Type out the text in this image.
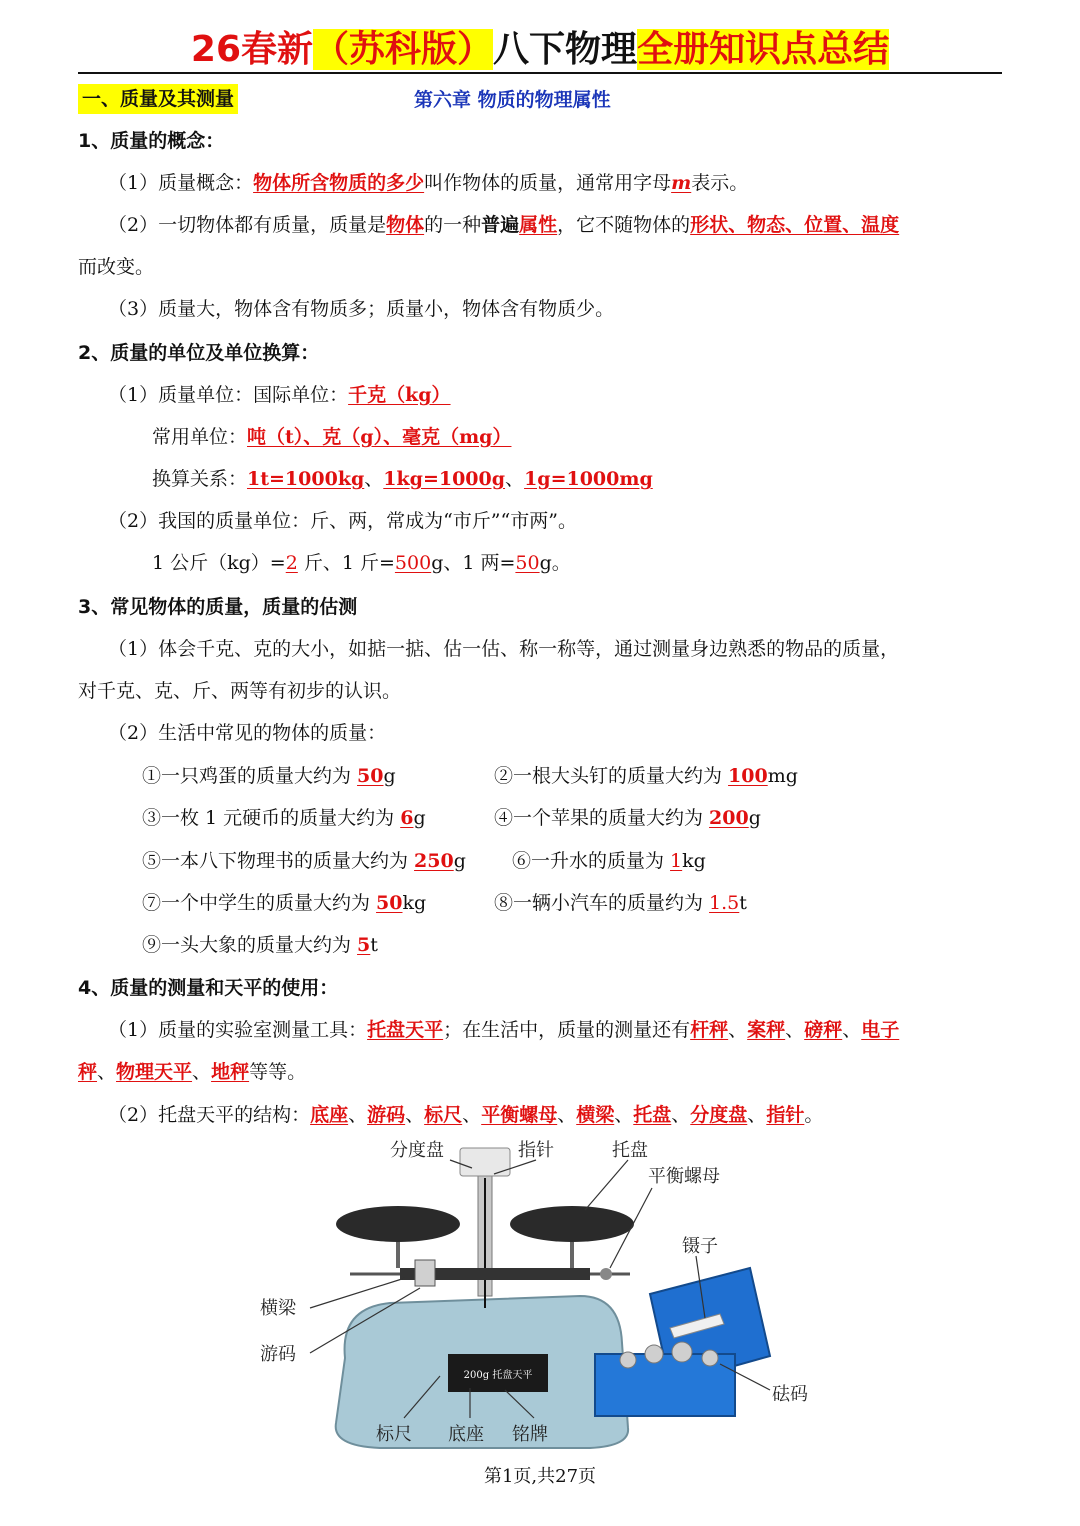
26春新（苏科版）八下物理全册知识点总结
一、质量及其测量	第六章 物质的物理属性
1、质量的概念：
（1）质量概念：物体所含物质的多少叫作物体的质量，通常用字母m表示。
（2）一切物体都有质量，质量是物体的一种普遍属性，它不随物体的形状、物态、位置、温度
而改变。
（3）质量大，物体含有物质多；质量小，物体含有物质少。
2、质量的单位及单位换算：
（1）质量单位：国际单位：千克（kg）
常用单位：吨（t）、克（g）、毫克（mg）
换算关系：1t=1000kg、1kg=1000g、1g=1000mg
（2）我国的质量单位：斤、两，常成为“市斤”“市两”。
1 公斤（kg）=2 斤、1 斤=500g、1 两=50g。
3、常见物体的质量，质量的估测
（1）体会千克、克的大小，如掂一掂、估一估、称一称等，通过测量身边熟悉的物品的质量，
对千克、克、斤、两等有初步的认识。
（2）生活中常见的物体的质量：
①一只鸡蛋的质量大约为 50g	②一根大头钉的质量大约为 100mg
③一枚 1 元硬币的质量大约为 6g	④一个苹果的质量大约为 200g
⑤一本八下物理书的质量大约为 250g ⑥一升水的质量为 1kg
⑦一个中学生的质量大约为 50kg	⑧一辆小汽车的质量约为 1.5t
⑨一头大象的质量大约为 5t
4、质量的测量和天平的使用：
（1）质量的实验室测量工具：托盘天平；在生活中，质量的测量还有杆秤、案秤、磅秤、电子
秤、物理天平、地秤等等。
（2）托盘天平的结构：底座、游码、标尺、平衡螺母、横梁、托盘、分度盘、指针。
200g 托盘天平
分度盘	指针	托盘
平衡螺母
镊子
横梁
游码
砝码
标尺 底座 铭牌
第1页,共27页
